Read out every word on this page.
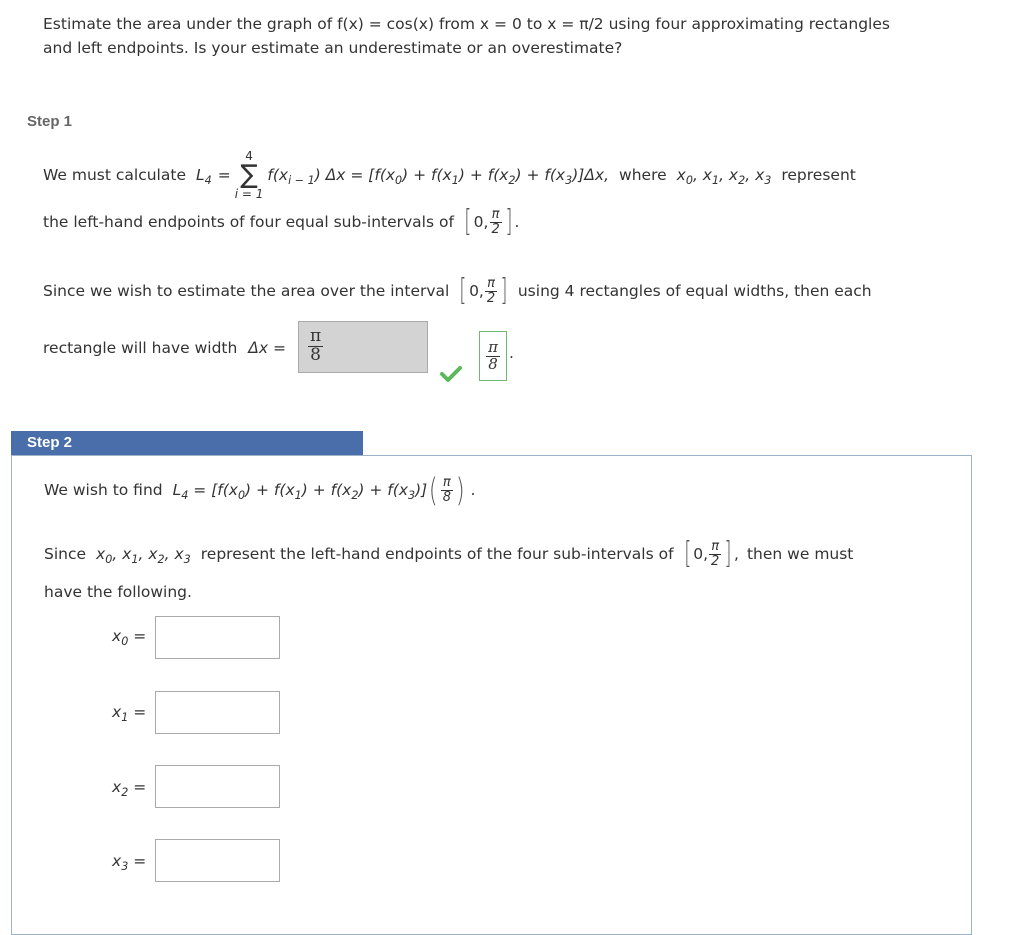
Estimate the area under the graph of f(x) = cos(x) from x = 0 to x = π/2 using four approximating rectangles
and left endpoints. Is your estimate an underestimate or an overestimate?
Step 1
We must calculate $L_4$ =
4
∑
i = 1
$f(x_{i - 1}) \Delta x = [f(x_0) + f(x_1) + f(x_2) + f(x_3)]\Delta x$, where $x_0$, $x_1$, $x_2$, $x_3$ represent
the left-hand endpoints of four equal sub-intervals of [ 0, $\frac{\pi}{2}$ ] .
Since we wish to estimate the area over the interval [ 0, $\frac{\pi}{2}$ ] using 4 rectangles of equal widths, then each
rectangle will have width $\Delta x = \frac{\pi}{8}$	$\frac{\pi}{8}$ .
Step 2
We wish to find $L_4 = [f(x_0) + f(x_1) + f(x_2) + f(x_3)]$ ( $\frac{\pi}{8}$ ) .
Since $x_0$, $x_1$, $x_2$, $x_3$ represent the left-hand endpoints of the four sub-intervals of [ 0, $\frac{\pi}{2}$ ] , then we must
have the following.
$x_0$ =
$x_1$ =
$x_2$ =
$x_3$ =
